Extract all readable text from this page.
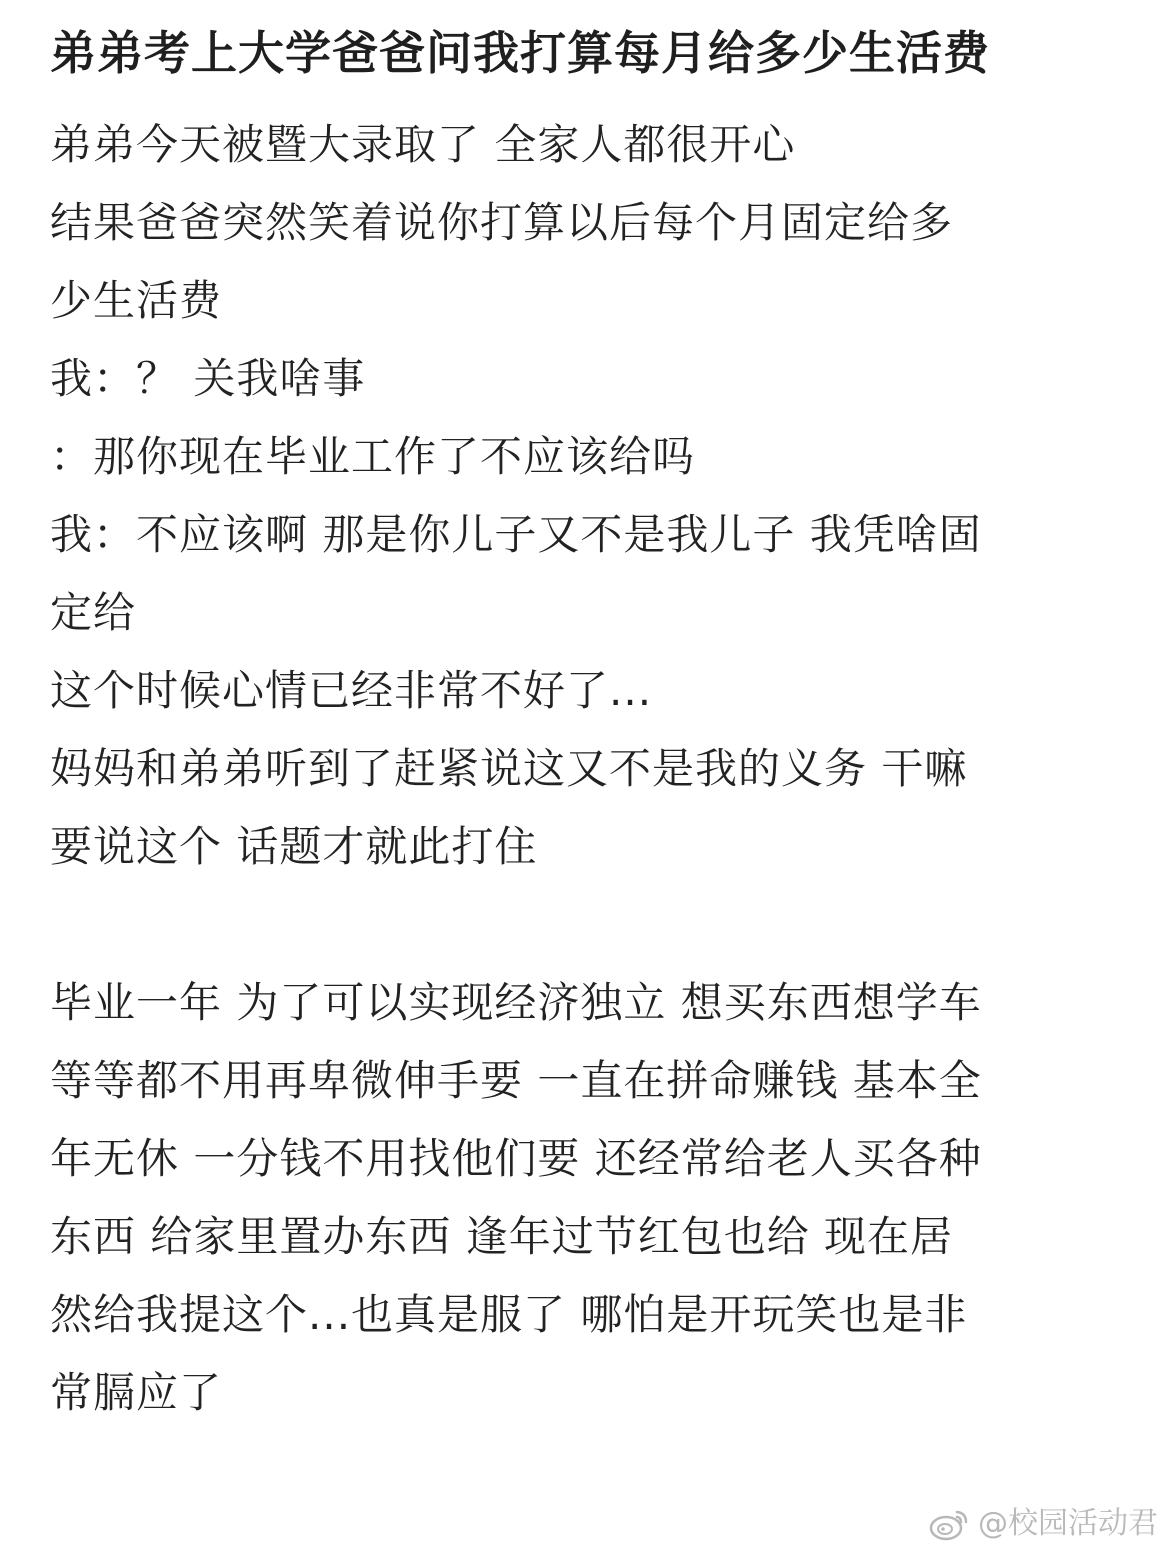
弟弟考上大学爸爸问我打算每月给多少生活费
弟弟今天被暨大录取了 全家人都很开心
结果爸爸突然笑着说你打算以后每个月固定给多
少生活费
我：？ 关我啥事
：那你现在毕业工作了不应该给吗
我：不应该啊 那是你儿子又不是我儿子 我凭啥固
定给
这个时候心情已经非常不好了...
妈妈和弟弟听到了赶紧说这又不是我的义务 干嘛
要说这个 话题才就此打住
毕业一年 为了可以实现经济独立 想买东西想学车
等等都不用再卑微伸手要 一直在拼命赚钱 基本全
年无休 一分钱不用找他们要 还经常给老人买各种
东西 给家里置办东西 逢年过节红包也给 现在居
然给我提这个...也真是服了 哪怕是开玩笑也是非
常膈应了
@校园活动君
